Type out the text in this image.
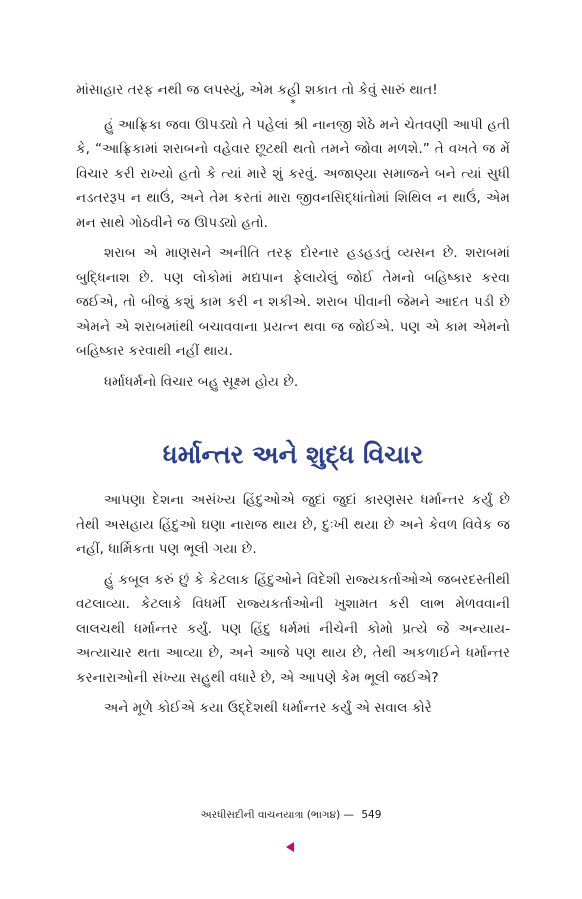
માંસાહાર તરફ નથી જ લપસ્યું, એમ કહી શકાત તો કેવું સારું થાત!

*

હું આફ્રિકા જવા ઊપડ્યો તે પહેલાં શ્રી નાનજી શેઠે મને ચેતવણી આપી હતી કે, “આફ્રિકામાં શરાબનો વહેવાર છૂટથી થતો તમને જોવા મળશે.” તે વખતે જ મેં વિચાર કરી રાખ્યો હતો કે ત્યાં મારે શું કરવું. અજાણ્યા સમાજને બને ત્યાં સુધી નડતરરૂપ ન થાઉં, અને તેમ કરતાં મારા જીવનસિદ્ધાંતોમાં શિથિલ ન થાઉં, એમ મન સાથે ગોઠવીને જ ઊપડ્યો હતો.

શરાબ એ માણસને અનીતિ તરફ દોરનાર હડહડતું વ્યસન છે. શરાબમાં બુદ્ધિનાશ છે. પણ લોકોમાં મદ્યપાન ફેલાયેલું જોઈ તેમનો બહિષ્કાર કરવા જઈએ, તો બીજું કશું કામ કરી ન શકીએ. શરાબ પીવાની જેમને આદત પડી છે એમને એ શરાબમાંથી બચાવવાના પ્રયત્ન થવા જ જોઈએ. પણ એ કામ એમનો બહિષ્કાર કરવાથી નહીં થાય.

ધર્માધર્મનો વિચાર બહુ સૂક્ષ્મ હોય છે.

ધર્માન્તર અને શુદ્ધ વિચાર

આપણા દેશના અસંખ્ય હિંદુઓએ જુદાં જુદાં કારણસર ધર્માન્તર કર્યું છે તેથી અસહાય હિંદુઓ ઘણા નારાજ થાય છે, દુઃખી થયા છે અને કેવળ વિવેક જ નહીં, ધાર્મિકતા પણ ભૂલી ગયા છે.

હું કબૂલ કરું છું કે કેટલાક હિંદુઓને વિદેશી રાજ્યકર્તાઓએ જબરદસ્તીથી વટલાવ્યા. કેટલાકે વિધર્મી રાજ્યકર્તાઓની ખુશામત કરી લાભ મેળવવાની લાલચથી ધર્માન્તર કર્યું. પણ હિંદુ ધર્મમાં નીચેની કોમો પ્રત્યે જે અન્યાય-અત્યાચાર થતા આવ્યા છે, અને આજે પણ થાય છે, તેથી અકળાઈને ધર્માન્તર કરનારાઓની સંખ્યા સહુથી વધારે છે, એ આપણે કેમ ભૂલી જઈએ?

અને મૂળે કોઈએ કયા ઉદ્દેશથી ધર્માન્તર કર્યું એ સવાલ કોરે

અરધીસદીની વાચનયાત્રા (ભાગ૪) — 549
